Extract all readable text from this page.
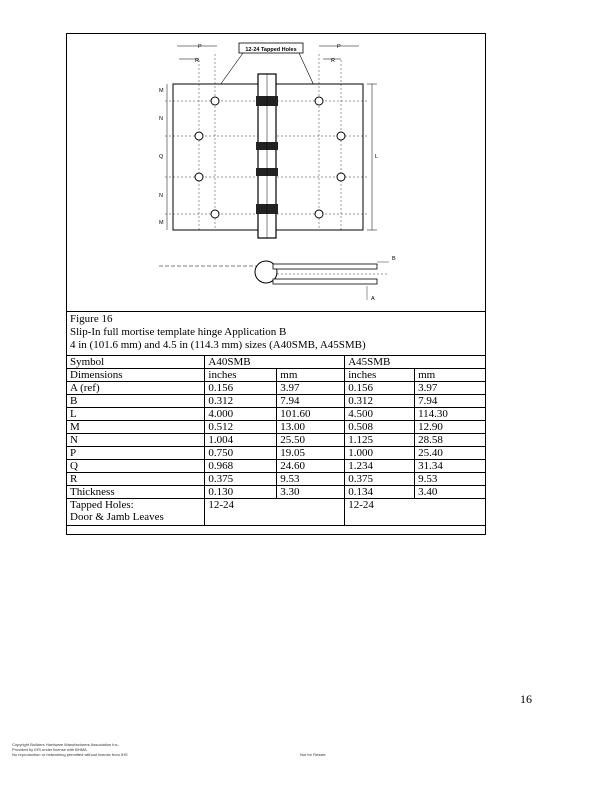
12-24 Tapped Holes
P
R
P
R
M
N
Q
N
M
L
B
A
Figure 16
Slip-In full mortise template hinge Application B
4 in (101.6 mm) and 4.5 in (114.3 mm) sizes (A40SMB, A45SMB)
Symbol	A40SMB		A45SMB	
Dimensions	inches	mm	inches	mm
A (ref)	0.156	3.97	0.156	3.97
B	0.312	7.94	0.312	7.94
L	4.000	101.60	4.500	114.30
M	0.512	13.00	0.508	12.90
N	1.004	25.50	1.125	28.58
P	0.750	19.05	1.000	25.40
Q	0.968	24.60	1.234	31.34
R	0.375	9.53	0.375	9.53
Thickness	0.130	3.30	0.134	3.40

Tapped Holes:
Door & Jamb Leaves	12-24		12-24	
16
Copyright Builders Hardware Manufacturers Association Inc.
Provided by IHS under license with BHMA
No reproduction or networking permitted without license from IHS	Not for Resale
